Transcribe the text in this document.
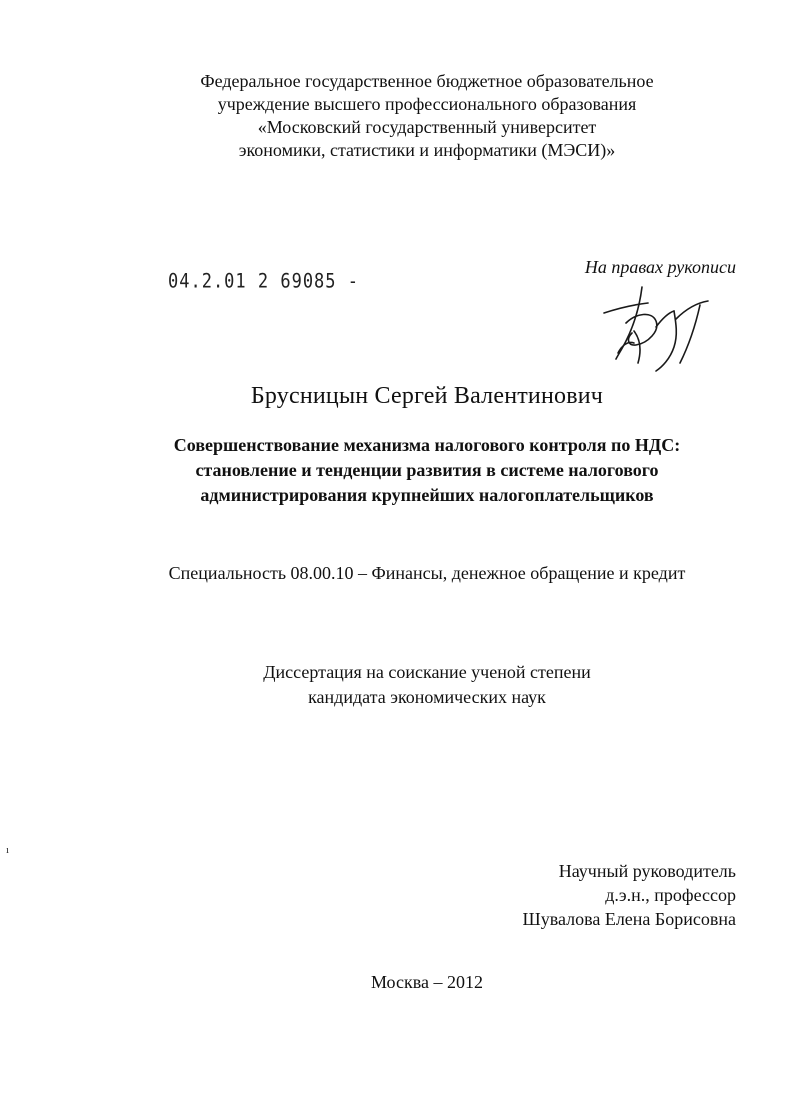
Федеральное государственное бюджетное образовательное
учреждение высшего профессионального образования
«Московский государственный университет
экономики, статистики и информатики (МЭСИ)»
04.2.01 2 69085 -
На правах рукописи
Брусницын Сергей Валентинович
Совершенствование механизма налогового контроля по НДС:
становление и тенденции развития в системе налогового
администрирования крупнейших налогоплательщиков
Специальность 08.00.10 – Финансы, денежное обращение и кредит
Диссертация на соискание ученой степени
кандидата экономических наук
ı
Научный руководитель
д.э.н., профессор
Шувалова Елена Борисовна
Москва – 2012
